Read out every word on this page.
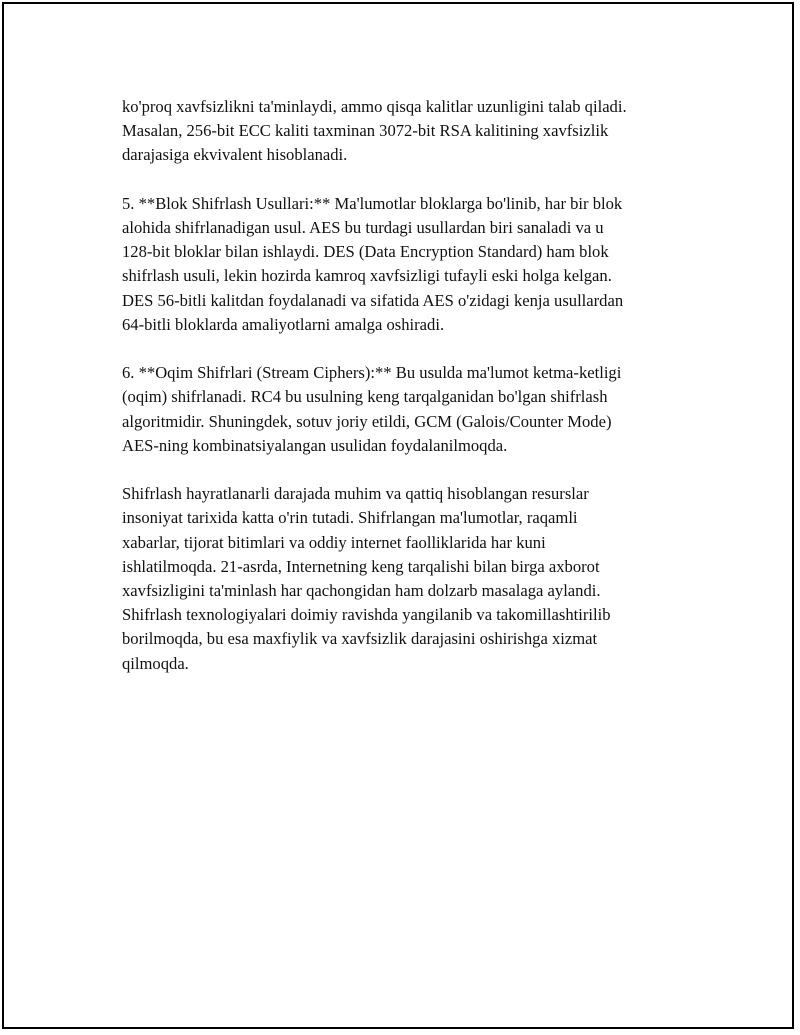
ko'proq xavfsizlikni ta'minlaydi, ammo qisqa kalitlar uzunligini talab qiladi.
Masalan, 256-bit ECC kaliti taxminan 3072-bit RSA kalitining xavfsizlik
darajasiga ekvivalent hisoblanadi.

5. **Blok Shifrlash Usullari:** Ma'lumotlar bloklarga bo'linib, har bir blok
alohida shifrlanadigan usul. AES bu turdagi usullardan biri sanaladi va u
128-bit bloklar bilan ishlaydi. DES (Data Encryption Standard) ham blok
shifrlash usuli, lekin hozirda kamroq xavfsizligi tufayli eski holga kelgan.
DES 56-bitli kalitdan foydalanadi va sifatida AES o'zidagi kenja usullardan
64-bitli bloklarda amaliyotlarni amalga oshiradi.

6. **Oqim Shifrlari (Stream Ciphers):** Bu usulda ma'lumot ketma-ketligi
(oqim) shifrlanadi. RC4 bu usulning keng tarqalganidan bo'lgan shifrlash
algoritmidir. Shuningdek, sotuv joriy etildi, GCM (Galois/Counter Mode)
AES-ning kombinatsiyalangan usulidan foydalanilmoqda.

Shifrlash hayratlanarli darajada muhim va qattiq hisoblangan resurslar
insoniyat tarixida katta o'rin tutadi. Shifrlangan ma'lumotlar, raqamli
xabarlar, tijorat bitimlari va oddiy internet faolliklarida har kuni
ishlatilmoqda. 21-asrda, Internetning keng tarqalishi bilan birga axborot
xavfsizligini ta'minlash har qachongidan ham dolzarb masalaga aylandi.
Shifrlash texnologiyalari doimiy ravishda yangilanib va takomillashtirilib
borilmoqda, bu esa maxfiylik va xavfsizlik darajasini oshirishga xizmat
qilmoqda.
